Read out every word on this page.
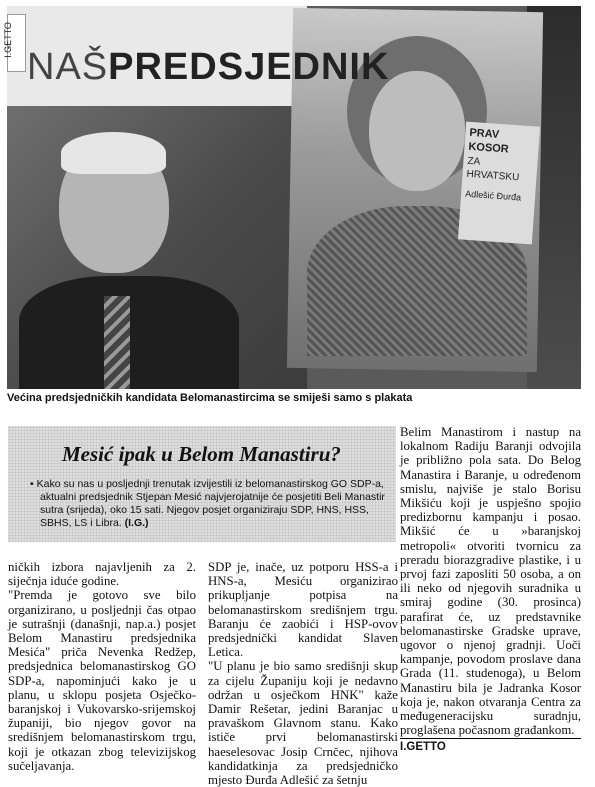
NAŠPREDSJEDNIK
PRAV
KOSOR
ZA HRVATSKU
Adlešić Đurđa
I.GETTO
Većina predsjedničkih kandidata Belomanastircima se smiješi samo s plakata
Mesić ipak u Belom Manastiru?
• Kako su nas u posljednji trenutak izvijestili iz belomanastirskog GO SDP-a, aktualni predsjednik Stjepan Mesić najvjerojatnije će posjetiti Beli Manastir sutra (srijeda), oko 15 sati. Njegov posjet organiziraju SDP, HNS, HSS, SBHS, LS i Libra. (I.G.)

ničkih izbora najavljenih za 2. siječnja iduće godine.

"Premda je gotovo sve bilo organizirano, u posljednji čas otpao je sutrašnji (današnji, nap.a.) posjet Belom Manastiru predsjednika Mesića" priča Nevenka Redžep, predsjednica belomanastirskog GO SDP-a, napominjući kako je u planu, u sklopu posjeta Osječko-baranjskoj i Vukovarsko-srijemskoj županiji, bio njegov govor na središnjem belomanastirskom trgu, koji je otkazan zbog televizijskog sučeljavanja.

SDP je, inače, uz potporu HSS-a i HNS-a, Mesiću organizirao prikupljanje potpisa na belomanastirskom središnjem trgu. Baranju će zaobići i HSP-ovov predsjednički kandidat Slaven Letica.

"U planu je bio samo središnji skup za cijelu Županiju koji je nedavno održan u osječkom HNK" kaže Damir Rešetar, jedini Baranjac u pravaškom Glavnom stanu. Kako ističe prvi belomanastirski haeselesovac Josip Crnčec, njihova kandidatkinja za predsjedničko mjesto Đurđa Adlešić za šetnju

Belim Manastirom i nastup na lokalnom Radiju Baranji odvojila je približno pola sata. Do Belog Manastira i Baranje, u određenom smislu, najviše je stalo Borisu Mikšiću koji je uspješno spojio predizbornu kampanju i posao. Mikšić će u »baranjskoj metropoli« otvoriti tvornicu za preradu biorazgradive plastike, i u prvoj fazi zaposliti 50 osoba, a on ili neko od njegovih suradnika u smiraj godine (30. prosinca) parafirat će, uz predstavnike belomanastirske Gradske uprave, ugovor o njenoj gradnji. Uoči kampanje, povodom proslave dana Grada (11. studenoga), u Belom Manastiru bila je Jadranka Kosor koja je, nakon otvaranja Centra za međugeneracijsku suradnju, proglašena počasnom građankom.

I.GETTO
